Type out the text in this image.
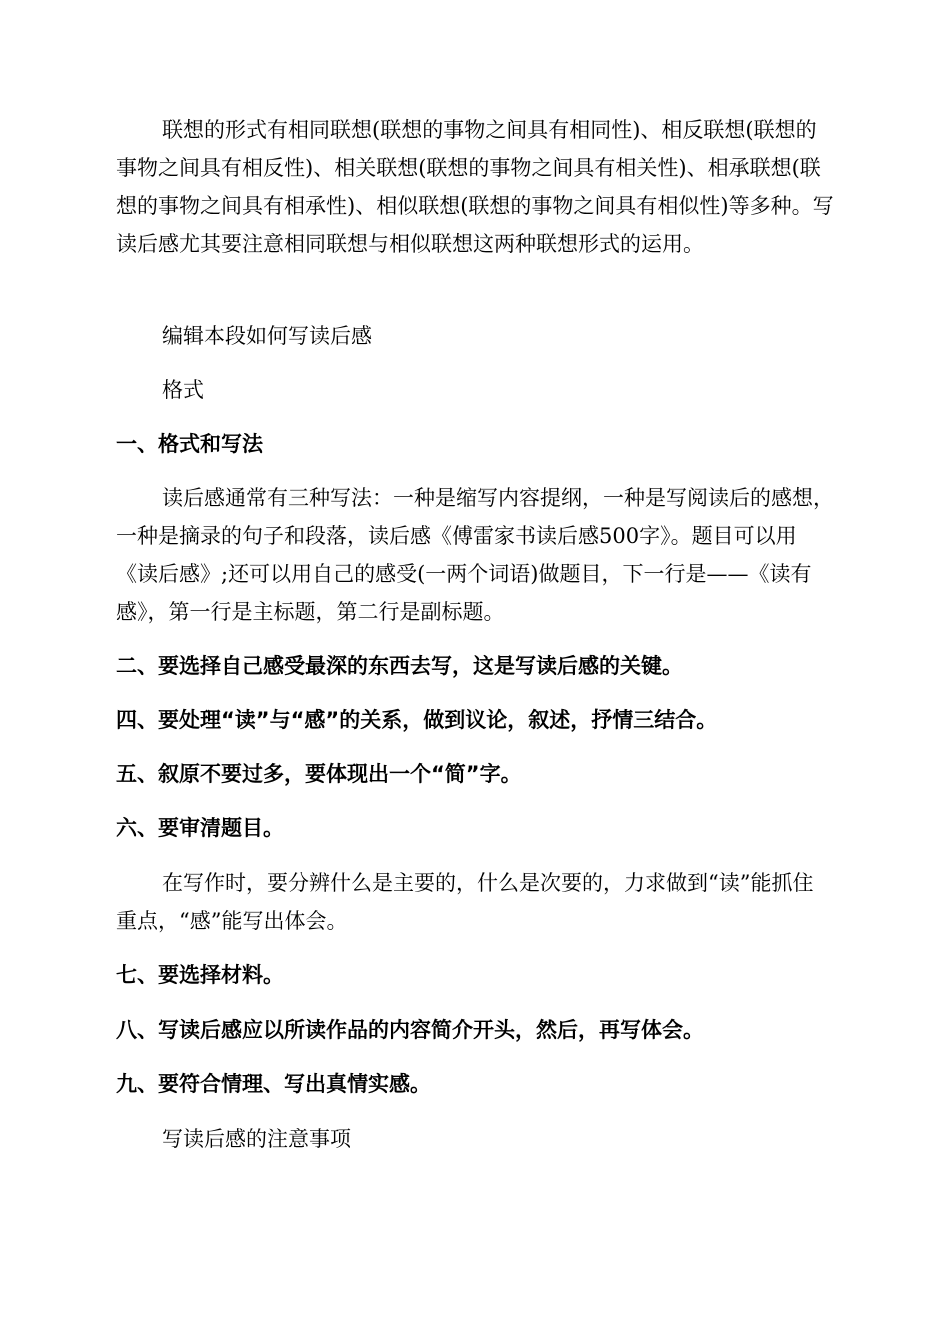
联想的形式有相同联想(联想的事物之间具有相同性)、相反联想(联想的事物之间具有相反性)、相关联想(联想的事物之间具有相关性)、相承联想(联想的事物之间具有相承性)、相似联想(联想的事物之间具有相似性)等多种。写读后感尤其要注意相同联想与相似联想这两种联想形式的运用。

编辑本段如何写读后感

格式

一、格式和写法

读后感通常有三种写法：一种是缩写内容提纲，一种是写阅读后的感想，一种是摘录的句子和段落，读后感《傅雷家书读后感500字》。题目可以用《读后感》;还可以用自己的感受(一两个词语)做题目，下一行是——《读有感》，第一行是主标题，第二行是副标题。

二、要选择自己感受最深的东西去写，这是写读后感的关键。

四、要处理“读”与“感”的关系，做到议论，叙述，抒情三结合。

五、叙原不要过多，要体现出一个“简”字。

六、要审清题目。

在写作时，要分辨什么是主要的，什么是次要的，力求做到“读”能抓住重点，“感”能写出体会。

七、要选择材料。

八、写读后感应以所读作品的内容简介开头，然后，再写体会。

九、要符合情理、写出真情实感。

写读后感的注意事项
